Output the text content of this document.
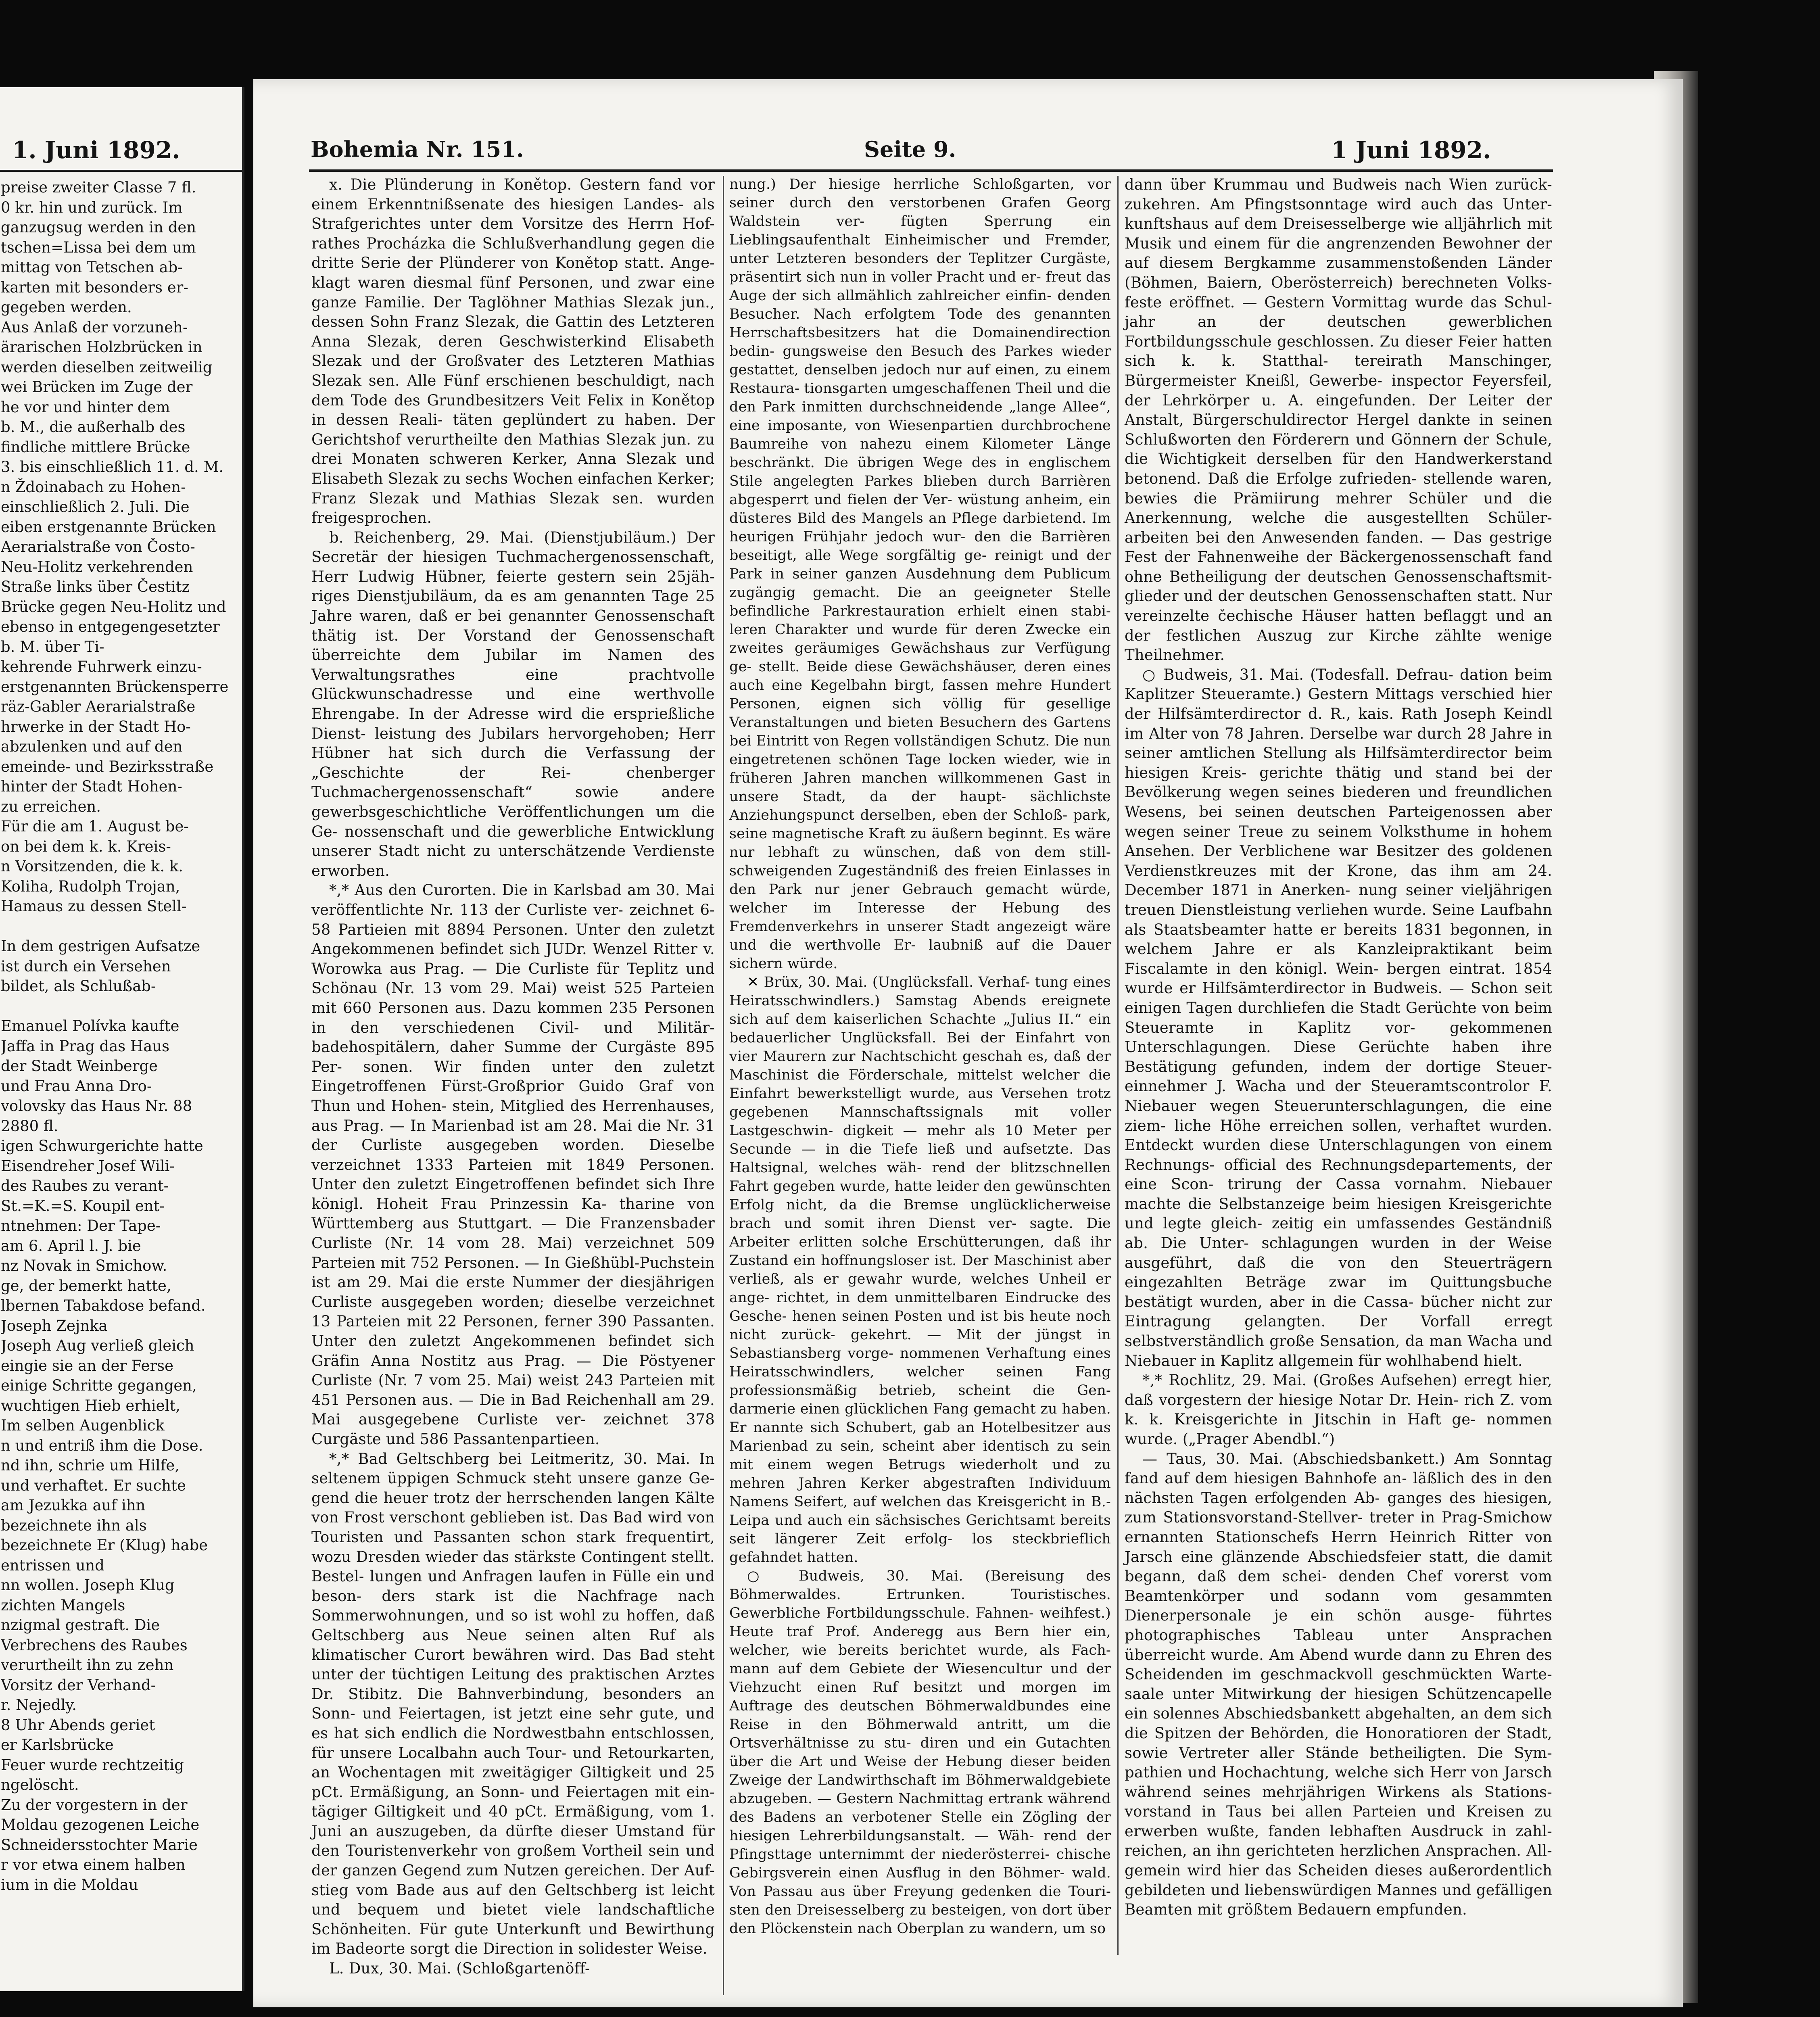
1. Juni 1892.
preise zweiter Classe 7 fl.
0 kr. hin und zurück. Im
ganzugsug werden in den
tschen=Lissa bei dem um
mittag von Tetschen ab-
karten mit besonders er-
gegeben werden.
Aus Anlaß der vorzuneh-
ärarischen Holzbrücken in
werden dieselben zeitweilig
wei Brücken im Zuge der
he vor und hinter dem
b. M., die außerhalb des
findliche mittlere Brücke
3. bis einschließlich 11. d. M.
n Ždoinabach zu Hohen-
einschließlich 2. Juli. Die
eiben erstgenannte Brücken
Aerarialstraße von Čosto-
Neu-Holitz verkehrenden
Straße links über Čestitz
Brücke gegen Neu-Holitz und
ebenso in entgegengesetzter
b. M. über Ti-
kehrende Fuhrwerk einzu-
erstgenannten Brückensperre
räz-Gabler Aerarialstraße
hrwerke in der Stadt Ho-
abzulenken und auf den
emeinde- und Bezirksstraße
hinter der Stadt Hohen-
zu erreichen.
Für die am 1. August be-
on bei dem k. k. Kreis-
n Vorsitzenden, die k. k.
Koliha, Rudolph Trojan,
Hamaus zu dessen Stell-

In dem gestrigen Aufsatze
ist durch ein Versehen
bildet, als Schlußab-

Emanuel Polívka kaufte
Jaffa in Prag das Haus
der Stadt Weinberge
und Frau Anna Dro-
volovsky das Haus Nr. 88
2880 fl.
igen Schwurgerichte hatte
Eisendreher Josef Wili-
des Raubes zu verant-
St.=K.=S. Koupil ent-
ntnehmen: Der Tape-
am 6. April l. J. bie
nz Novak in Smichow.
ge, der bemerkt hatte,
lbernen Tabakdose befand.
Joseph Zejnka
Joseph Aug verließ gleich
eingie sie an der Ferse
einige Schritte gegangen,
wuchtigen Hieb erhielt,
Im selben Augenblick
n und entriß ihm die Dose.
nd ihn, schrie um Hilfe,
und verhaftet. Er suchte
am Jezukka auf ihn
bezeichnete ihn als
bezeichnete Er (Klug) habe
entrissen und
nn wollen. Joseph Klug
zichten Mangels
nzigmal gestraft. Die
Verbrechens des Raubes
verurtheilt ihn zu zehn
Vorsitz der Verhand-
r. Nejedly.
8 Uhr Abends geriet
er Karlsbrücke
Feuer wurde rechtzeitig
ngelöscht.
Zu der vorgestern in der
Moldau gezogenen Leiche
Schneidersstochter Marie
r vor etwa einem halben
ium in die Moldau
Bohemia Nr. 151.	Seite 9.	1 Juni 1892.

x. Die Plünderung in Konětop. Gestern fand vor einem Erkenntnißsenate des hiesigen Landes- als Strafgerichtes unter dem Vorsitze des Herrn Hof- rathes Procházka die Schlußverhandlung gegen die dritte Serie der Plünderer von Konětop statt. Ange- klagt waren diesmal fünf Personen, und zwar eine ganze Familie. Der Taglöhner Mathias Slezak jun., dessen Sohn Franz Slezak, die Gattin des Letzteren Anna Slezak, deren Geschwisterkind Elisabeth Slezak und der Großvater des Letzteren Mathias Slezak sen. Alle Fünf erschienen beschuldigt, nach dem Tode des Grundbesitzers Veit Felix in Konětop in dessen Reali- täten geplündert zu haben. Der Gerichtshof verurtheilte den Mathias Slezak jun. zu drei Monaten schweren Kerker, Anna Slezak und Elisabeth Slezak zu sechs Wochen einfachen Kerker; Franz Slezak und Mathias Slezak sen. wurden freigesprochen.

b. Reichenberg, 29. Mai. (Dienstjubiläum.) Der Secretär der hiesigen Tuchmachergenossenschaft, Herr Ludwig Hübner, feierte gestern sein 25jäh- riges Dienstjubiläum, da es am genannten Tage 25 Jahre waren, daß er bei genannter Genossenschaft thätig ist. Der Vorstand der Genossenschaft überreichte dem Jubilar im Namen des Verwaltungsrathes eine prachtvolle Glückwunschadresse und eine werthvolle Ehrengabe. In der Adresse wird die ersprießliche Dienst- leistung des Jubilars hervorgehoben; Herr Hübner hat sich durch die Verfassung der „Geschichte der Rei- chenberger Tuchmachergenossenschaft“ sowie andere gewerbsgeschichtliche Veröffentlichungen um die Ge- nossenschaft und die gewerbliche Entwicklung unserer Stadt nicht zu unterschätzende Verdienste erworben.

*,* Aus den Curorten. Die in Karlsbad am 30. Mai veröffentlichte Nr. 113 der Curliste ver- zeichnet 6-58 Partieien mit 8894 Personen. Unter den zuletzt Angekommenen befindet sich JUDr. Wenzel Ritter v. Worowka aus Prag. — Die Curliste für Teplitz und Schönau (Nr. 13 vom 29. Mai) weist 525 Parteien mit 660 Personen aus. Dazu kommen 235 Personen in den verschiedenen Civil- und Militär- badehospitälern, daher Summe der Curgäste 895 Per- sonen. Wir finden unter den zuletzt Eingetroffenen Fürst-Großprior Guido Graf von Thun und Hohen- stein, Mitglied des Herrenhauses, aus Prag. — In Marienbad ist am 28. Mai die Nr. 31 der Curliste ausgegeben worden. Dieselbe verzeichnet 1333 Parteien mit 1849 Personen. Unter den zuletzt Eingetroffenen befindet sich Ihre königl. Hoheit Frau Prinzessin Ka- tharine von Württemberg aus Stuttgart. — Die Franzensbader Curliste (Nr. 14 vom 28. Mai) verzeichnet 509 Parteien mit 752 Personen. — In Gießhübl-Puchstein ist am 29. Mai die erste Nummer der diesjährigen Curliste ausgegeben worden; dieselbe verzeichnet 13 Parteien mit 22 Personen, ferner 390 Passanten. Unter den zuletzt Angekommenen befindet sich Gräfin Anna Nostitz aus Prag. — Die Pöstyener Curliste (Nr. 7 vom 25. Mai) weist 243 Parteien mit 451 Personen aus. — Die in Bad Reichenhall am 29. Mai ausgegebene Curliste ver- zeichnet 378 Curgäste und 586 Passantenpartieen.

*,* Bad Geltschberg bei Leitmeritz, 30. Mai. In seltenem üppigen Schmuck steht unsere ganze Ge- gend die heuer trotz der herrschenden langen Kälte von Frost verschont geblieben ist. Das Bad wird von Touristen und Passanten schon stark frequentirt, wozu Dresden wieder das stärkste Contingent stellt. Bestel- lungen und Anfragen laufen in Fülle ein und beson- ders stark ist die Nachfrage nach Sommerwohnungen, und so ist wohl zu hoffen, daß Geltschberg aus Neue seinen alten Ruf als klimatischer Curort bewähren wird. Das Bad steht unter der tüchtigen Leitung des praktischen Arztes Dr. Stibitz. Die Bahnverbindung, besonders an Sonn- und Feiertagen, ist jetzt eine sehr gute, und es hat sich endlich die Nordwestbahn entschlossen, für unsere Localbahn auch Tour- und Retourkarten, an Wochentagen mit zweitägiger Giltigkeit und 25 pCt. Ermäßigung, an Sonn- und Feiertagen mit ein- tägiger Giltigkeit und 40 pCt. Ermäßigung, vom 1. Juni an auszugeben, da dürfte dieser Umstand für den Touristenverkehr von großem Vortheil sein und der ganzen Gegend zum Nutzen gereichen. Der Auf- stieg vom Bade aus auf den Geltschberg ist leicht und bequem und bietet viele landschaftliche Schönheiten. Für gute Unterkunft und Bewirthung im Badeorte sorgt die Direction in solidester Weise.

L. Dux, 30. Mai. (Schloßgartenöff-

nung.) Der hiesige herrliche Schloßgarten, vor seiner durch den verstorbenen Grafen Georg Waldstein ver- fügten Sperrung ein Lieblingsaufenthalt Einheimischer und Fremder, unter Letzteren besonders der Teplitzer Curgäste, präsentirt sich nun in voller Pracht und er- freut das Auge der sich allmählich zahlreicher einfin- denden Besucher. Nach erfolgtem Tode des genannten Herrschaftsbesitzers hat die Domainendirection bedin- gungsweise den Besuch des Parkes wieder gestattet, denselben jedoch nur auf einen, zu einem Restaura- tionsgarten umgeschaffenen Theil und die den Park inmitten durchschneidende „lange Allee“, eine imposante, von Wiesenpartien durchbrochene Baumreihe von nahezu einem Kilometer Länge beschränkt. Die übrigen Wege des in englischem Stile angelegten Parkes blieben durch Barrièren abgesperrt und fielen der Ver- wüstung anheim, ein düsteres Bild des Mangels an Pflege darbietend. Im heurigen Frühjahr jedoch wur- den die Barrièren beseitigt, alle Wege sorgfältig ge- reinigt und der Park in seiner ganzen Ausdehnung dem Publicum zugängig gemacht. Die an geeigneter Stelle befindliche Parkrestauration erhielt einen stabi- leren Charakter und wurde für deren Zwecke ein zweites geräumiges Gewächshaus zur Verfügung ge- stellt. Beide diese Gewächshäuser, deren eines auch eine Kegelbahn birgt, fassen mehre Hundert Personen, eignen sich völlig für gesellige Veranstaltungen und bieten Besuchern des Gartens bei Eintritt von Regen vollständigen Schutz. Die nun eingetretenen schönen Tage locken wieder, wie in früheren Jahren manchen willkommenen Gast in unsere Stadt, da der haupt- sächlichste Anziehungspunct derselben, eben der Schloß- park, seine magnetische Kraft zu äußern beginnt. Es wäre nur lebhaft zu wünschen, daß von dem still- schweigenden Zugeständniß des freien Einlasses in den Park nur jener Gebrauch gemacht würde, welcher im Interesse der Hebung des Fremdenverkehrs in unserer Stadt angezeigt wäre und die werthvolle Er- laubniß auf die Dauer sichern würde.

✕ Brüx, 30. Mai. (Unglücksfall. Verhaf- tung eines Heiratsschwindlers.) Samstag Abends ereignete sich auf dem kaiserlichen Schachte „Julius II.“ ein bedauerlicher Unglücksfall. Bei der Einfahrt von vier Maurern zur Nachtschicht geschah es, daß der Maschinist die Förderschale, mittelst welcher die Einfahrt bewerkstelligt wurde, aus Versehen trotz gegebenen Mannschaftssignals mit voller Lastgeschwin- digkeit — mehr als 10 Meter per Secunde — in die Tiefe ließ und aufsetzte. Das Haltsignal, welches wäh- rend der blitzschnellen Fahrt gegeben wurde, hatte leider den gewünschten Erfolg nicht, da die Bremse unglücklicherweise brach und somit ihren Dienst ver- sagte. Die Arbeiter erlitten solche Erschütterungen, daß ihr Zustand ein hoffnungsloser ist. Der Maschinist aber verließ, als er gewahr wurde, welches Unheil er ange- richtet, in dem unmittelbaren Eindrucke des Gesche- henen seinen Posten und ist bis heute noch nicht zurück- gekehrt. — Mit der jüngst in Sebastiansberg vorge- nommenen Verhaftung eines Heiratsschwindlers, welcher seinen Fang professionsmäßig betrieb, scheint die Gen- darmerie einen glücklichen Fang gemacht zu haben. Er nannte sich Schubert, gab an Hotelbesitzer aus Marienbad zu sein, scheint aber identisch zu sein mit einem wegen Betrugs wiederholt und zu mehren Jahren Kerker abgestraften Individuum Namens Seifert, auf welchen das Kreisgericht in B.-Leipa und auch ein sächsisches Gerichtsamt bereits seit längerer Zeit erfolg- los steckbrieflich gefahndet hatten.

○ Budweis, 30. Mai. (Bereisung des Böhmerwaldes. Ertrunken. Touristisches. Gewerbliche Fortbildungsschule. Fahnen- weihfest.) Heute traf Prof. Anderegg aus Bern hier ein, welcher, wie bereits berichtet wurde, als Fach- mann auf dem Gebiete der Wiesencultur und der Viehzucht einen Ruf besitzt und morgen im Auftrage des deutschen Böhmerwaldbundes eine Reise in den Böhmerwald antritt, um die Ortsverhältnisse zu stu- diren und ein Gutachten über die Art und Weise der Hebung dieser beiden Zweige der Landwirthschaft im Böhmerwaldgebiete abzugeben. — Gestern Nachmittag ertrank während des Badens an verbotener Stelle ein Zögling der hiesigen Lehrerbildungsanstalt. — Wäh- rend der Pfingsttage unternimmt der niederösterrei- chische Gebirgsverein einen Ausflug in den Böhmer- wald. Von Passau aus über Freyung gedenken die Touri- sten den Dreisesselberg zu besteigen, von dort über den Plöckenstein nach Oberplan zu wandern, um so

dann über Krummau und Budweis nach Wien zurück- zukehren. Am Pfingstsonntage wird auch das Unter- kunftshaus auf dem Dreisesselberge wie alljährlich mit Musik und einem für die angrenzenden Bewohner der auf diesem Bergkamme zusammenstoßenden Länder (Böhmen, Baiern, Oberösterreich) berechneten Volks- feste eröffnet. — Gestern Vormittag wurde das Schul- jahr an der deutschen gewerblichen Fortbildungsschule geschlossen. Zu dieser Feier hatten sich k. k. Statthal- tereirath Manschinger, Bürgermeister Kneißl, Gewerbe- inspector Feyersfeil, der Lehrkörper u. A. eingefunden. Der Leiter der Anstalt, Bürgerschuldirector Hergel dankte in seinen Schlußworten den Förderern und Gönnern der Schule, die Wichtigkeit derselben für den Handwerkerstand betonend. Daß die Erfolge zufrieden- stellende waren, bewies die Prämiirung mehrer Schüler und die Anerkennung, welche die ausgestellten Schüler- arbeiten bei den Anwesenden fanden. — Das gestrige Fest der Fahnenweihe der Bäckergenossenschaft fand ohne Betheiligung der deutschen Genossenschaftsmit- glieder und der deutschen Genossenschaften statt. Nur vereinzelte čechische Häuser hatten beflaggt und an der festlichen Auszug zur Kirche zählte wenige Theilnehmer.

○ Budweis, 31. Mai. (Todesfall. Defrau- dation beim Kaplitzer Steueramte.) Gestern Mittags verschied hier der Hilfsämterdirector d. R., kais. Rath Joseph Keindl im Alter von 78 Jahren. Derselbe war durch 28 Jahre in seiner amtlichen Stellung als Hilfsämterdirector beim hiesigen Kreis- gerichte thätig und stand bei der Bevölkerung wegen seines biederen und freundlichen Wesens, bei seinen deutschen Parteigenossen aber wegen seiner Treue zu seinem Volksthume in hohem Ansehen. Der Verblichene war Besitzer des goldenen Verdienstkreuzes mit der Krone, das ihm am 24. December 1871 in Anerken- nung seiner vieljährigen treuen Dienstleistung verliehen wurde. Seine Laufbahn als Staatsbeamter hatte er bereits 1831 begonnen, in welchem Jahre er als Kanzleipraktikant beim Fiscalamte in den königl. Wein- bergen eintrat. 1854 wurde er Hilfsämterdirector in Budweis. — Schon seit einigen Tagen durchliefen die Stadt Gerüchte von beim Steueramte in Kaplitz vor- gekommenen Unterschlagungen. Diese Gerüchte haben ihre Bestätigung gefunden, indem der dortige Steuer- einnehmer J. Wacha und der Steueramtscontrolor F. Niebauer wegen Steuerunterschlagungen, die eine ziem- liche Höhe erreichen sollen, verhaftet wurden. Entdeckt wurden diese Unterschlagungen von einem Rechnungs- official des Rechnungsdepartements, der eine Scon- trirung der Cassa vornahm. Niebauer machte die Selbstanzeige beim hiesigen Kreisgerichte und legte gleich- zeitig ein umfassendes Geständniß ab. Die Unter- schlagungen wurden in der Weise ausgeführt, daß die von den Steuerträgern eingezahlten Beträge zwar im Quittungsbuche bestätigt wurden, aber in die Cassa- bücher nicht zur Eintragung gelangten. Der Vorfall erregt selbstverständlich große Sensation, da man Wacha und Niebauer in Kaplitz allgemein für wohlhabend hielt.

*,* Rochlitz, 29. Mai. (Großes Aufsehen) erregt hier, daß vorgestern der hiesige Notar Dr. Hein- rich Z. vom k. k. Kreisgerichte in Jitschin in Haft ge- nommen wurde. („Prager Abendbl.“)

— Taus, 30. Mai. (Abschiedsbankett.) Am Sonntag fand auf dem hiesigen Bahnhofe an- läßlich des in den nächsten Tagen erfolgenden Ab- ganges des hiesigen, zum Stationsvorstand-Stellver- treter in Prag-Smichow ernannten Stationschefs Herrn Heinrich Ritter von Jarsch eine glänzende Abschiedsfeier statt, die damit begann, daß dem schei- denden Chef vorerst vom Beamtenkörper und sodann vom gesammten Dienerpersonale je ein schön ausge- führtes photographisches Tableau unter Ansprachen überreicht wurde. Am Abend wurde dann zu Ehren des Scheidenden im geschmackvoll geschmückten Warte- saale unter Mitwirkung der hiesigen Schützencapelle ein solennes Abschiedsbankett abgehalten, an dem sich die Spitzen der Behörden, die Honoratioren der Stadt, sowie Vertreter aller Stände betheiligten. Die Sym- pathien und Hochachtung, welche sich Herr von Jarsch während seines mehrjährigen Wirkens als Stations- vorstand in Taus bei allen Parteien und Kreisen zu erwerben wußte, fanden lebhaften Ausdruck in zahl- reichen, an ihn gerichteten herzlichen Ansprachen. All- gemein wird hier das Scheiden dieses außerordentlich gebildeten und liebenswürdigen Mannes und gefälligen Beamten mit größtem Bedauern empfunden.
